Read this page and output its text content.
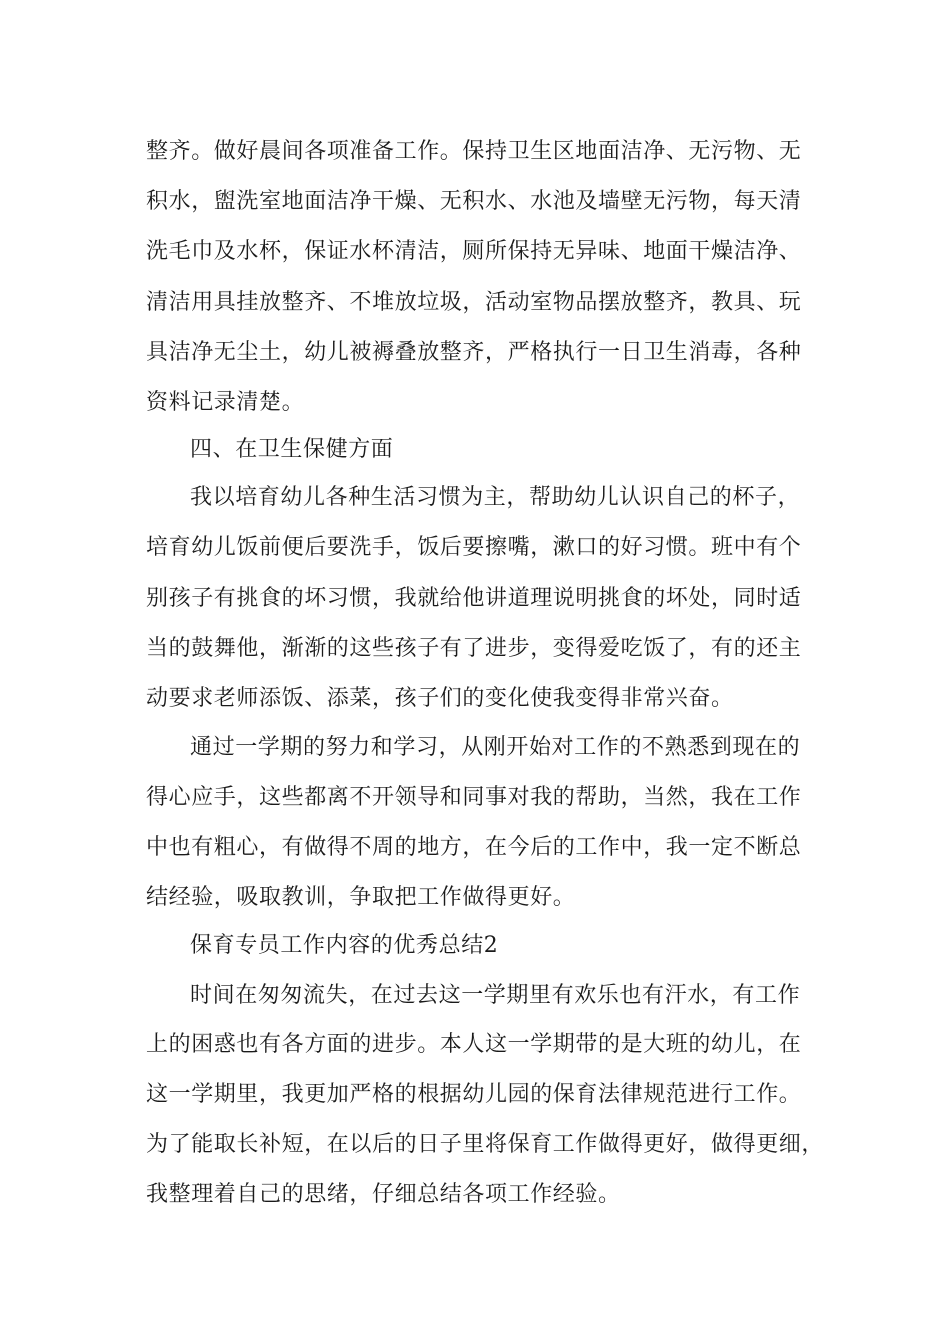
整齐。做好晨间各项准备工作。保持卫生区地面洁净、无污物、无
积水，盥洗室地面洁净干燥、无积水、水池及墙壁无污物，每天清
洗毛巾及水杯，保证水杯清洁，厕所保持无异味、地面干燥洁净、
清洁用具挂放整齐、不堆放垃圾，活动室物品摆放整齐，教具、玩
具洁净无尘土，幼儿被褥叠放整齐，严格执行一日卫生消毒，各种
资料记录清楚。
四、在卫生保健方面
我以培育幼儿各种生活习惯为主，帮助幼儿认识自己的杯子，
培育幼儿饭前便后要洗手，饭后要擦嘴，漱口的好习惯。班中有个
别孩子有挑食的坏习惯，我就给他讲道理说明挑食的坏处，同时适
当的鼓舞他，渐渐的这些孩子有了进步，变得爱吃饭了，有的还主
动要求老师添饭、添菜，孩子们的变化使我变得非常兴奋。
通过一学期的努力和学习，从刚开始对工作的不熟悉到现在的
得心应手，这些都离不开领导和同事对我的帮助，当然，我在工作
中也有粗心，有做得不周的地方，在今后的工作中，我一定不断总
结经验，吸取教训，争取把工作做得更好。
保育专员工作内容的优秀总结2
时间在匆匆流失，在过去这一学期里有欢乐也有汗水，有工作
上的困惑也有各方面的进步。本人这一学期带的是大班的幼儿，在
这一学期里，我更加严格的根据幼儿园的保育法律规范进行工作。
为了能取长补短，在以后的日子里将保育工作做得更好，做得更细，
我整理着自己的思绪，仔细总结各项工作经验。
